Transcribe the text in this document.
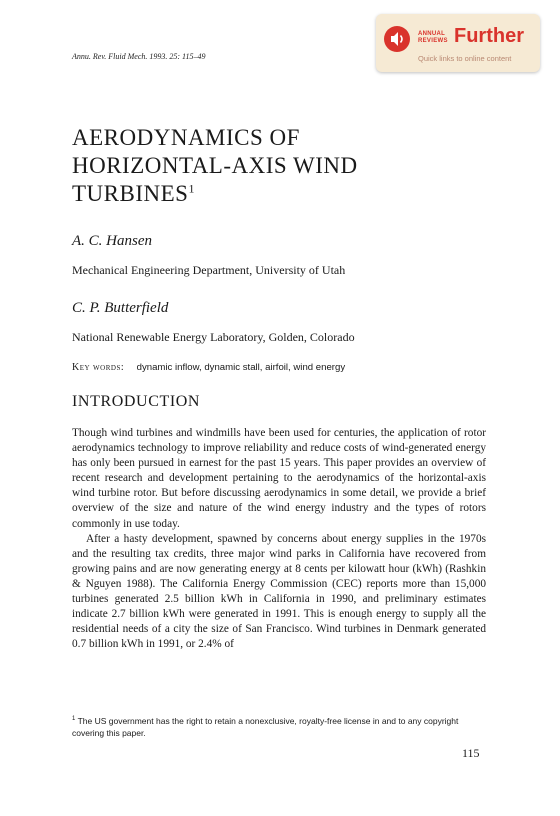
Annu. Rev. Fluid Mech. 1993. 25: 115–49
ANNUAL
REVIEWS Further
Quick links to online content
AERODYNAMICS OF
HORIZONTAL-AXIS WIND
TURBINES$^1$
A. C. Hansen
Mechanical Engineering Department, University of Utah
C. P. Butterfield
National Renewable Energy Laboratory, Golden, Colorado
Key words: dynamic inflow, dynamic stall, airfoil, wind energy
INTRODUCTION

Though wind turbines and windmills have been used for centuries, the application of rotor aerodynamics technology to improve reliability and reduce costs of wind-generated energy has only been pursued in earnest for the past 15 years. This paper provides an overview of recent research and development pertaining to the aerodynamics of the horizontal-axis wind turbine rotor. But before discussing aerodynamics in some detail, we provide a brief overview of the size and nature of the wind energy industry and the types of rotors commonly in use today.

After a hasty development, spawned by concerns about energy supplies in the 1970s and the resulting tax credits, three major wind parks in California have recovered from growing pains and are now generating energy at 8 cents per kilowatt hour (kWh) (Rashkin & Nguyen 1988). The California Energy Commission (CEC) reports more than 15,000 turbines generated 2.5 billion kWh in California in 1990, and preliminary estimates indicate 2.7 billion kWh were generated in 1991. This is enough energy to supply all the residential needs of a city the size of San Francisco. Wind turbines in Denmark generated 0.7 billion kWh in 1991, or 2.4% of

$^1$ The US government has the right to retain a nonexclusive, royalty-free license in and to any copyright covering this paper.
115
